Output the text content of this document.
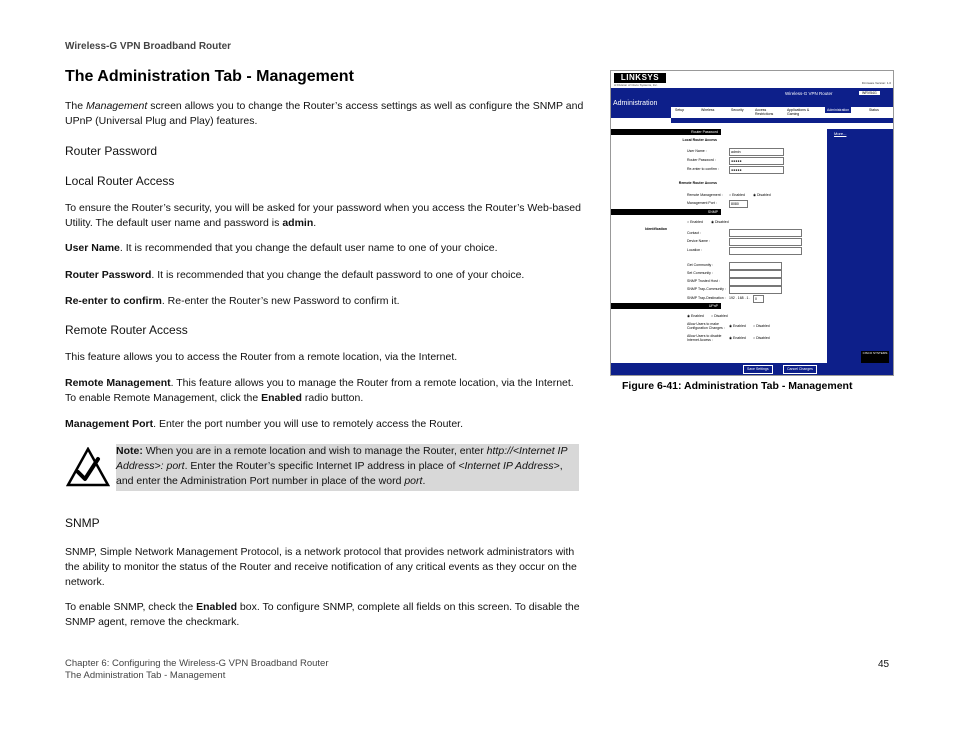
Wireless-G VPN Broadband Router
The Administration Tab - Management
The Management screen allows you to change the Router’s access settings as well as configure the SNMP and UPnP (Universal Plug and Play) features.
Router Password
Local Router Access
To ensure the Router’s security, you will be asked for your password when you access the Router’s Web-based Utility. The default user name and password is admin.
User Name. It is recommended that you change the default user name to one of your choice.
Router Password. It is recommended that you change the default password to one of your choice.
Re-enter to confirm. Re-enter the Router’s new Password to confirm it.
Remote Router Access
This feature allows you to access the Router from a remote location, via the Internet.
Remote Management. This feature allows you to manage the Router from a remote location, via the Internet. To enable Remote Management, click the Enabled radio button.
Management Port. Enter the port number you will use to remotely access the Router.
Note: When you are in a remote location and wish to manage the Router, enter http://<Internet IP Address>: port. Enter the Router’s specific Internet IP address in place of <Internet IP Address>, and enter the Administration Port number in place of the word port.
SNMP
SNMP, Simple Network Management Protocol, is a network protocol that provides network administrators with the ability to monitor the status of the Router and receive notification of any critical events as they occur on the network.
To enable SNMP, check the Enabled box. To configure SNMP, complete all fields on this screen. To disable the SNMP agent, remove the checkmark.
LINKSYS
A Division of Cisco Systems, Inc.	Firmware Version: 1.0
Administration
Wireless-G VPN Router	WRV54G
Setup	Wireless	Security	Access Restrictions
Applications & Gaming
Administration	Status
Router Password
Local Router Access
Remote Router Access
SNMP
Identification
UPnP
User Name :	admin
Router Password :	●●●●●
Re-enter to confirm :	●●●●●
Remote Management : ○ Enabled ◉ Disabled
Management Port :	8080
○ Enabled ◉ Disabled
Contact :
Device Name :
Location :
Get Community :
Set Community :
SNMP Trusted Host :
SNMP Trap-Community :
SNMP Trap-Destination : 192 . 168 . 1 .	0
◉ Enabled ○ Disabled
Allow Users to make Configuration Changes :	◉ Enabled ○ Disabled
Allow Users to disable Internet Access :	◉ Enabled ○ Disabled
More...
CISCO SYSTEMS
Save Settings	Cancel Changes
Figure 6-41: Administration Tab - Management
Chapter 6: Configuring the Wireless-G VPN Broadband Router
The Administration Tab - Management
45
